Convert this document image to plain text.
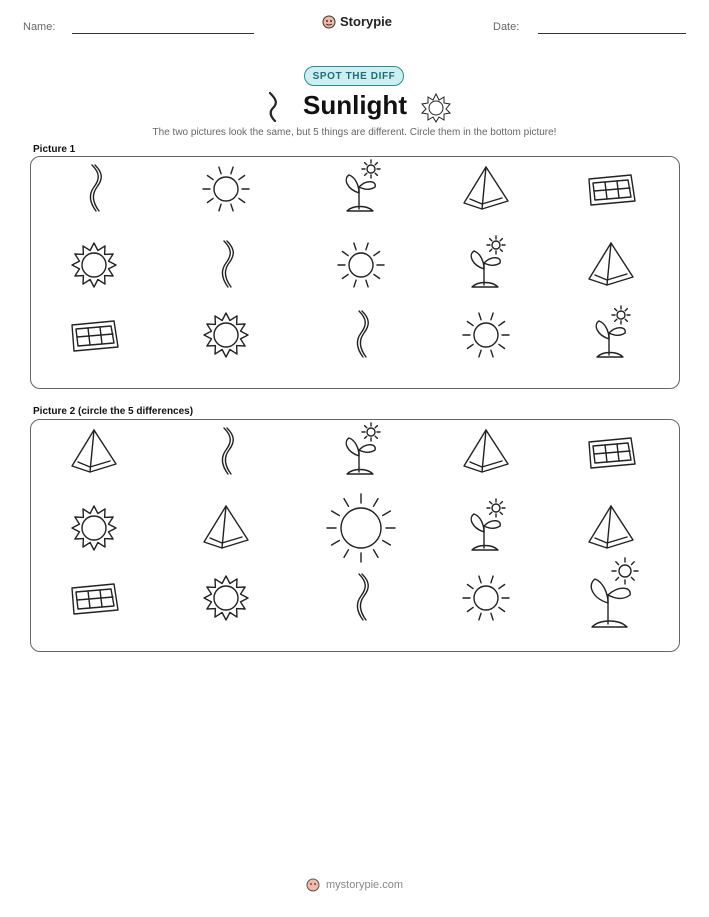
Name:	Storypie	Date:
SPOT THE DIFF
Sunlight
The two pictures look the same, but 5 things are different. Circle them in the bottom picture!
Picture 1
Picture 2 (circle the 5 differences)
mystorypie.com
